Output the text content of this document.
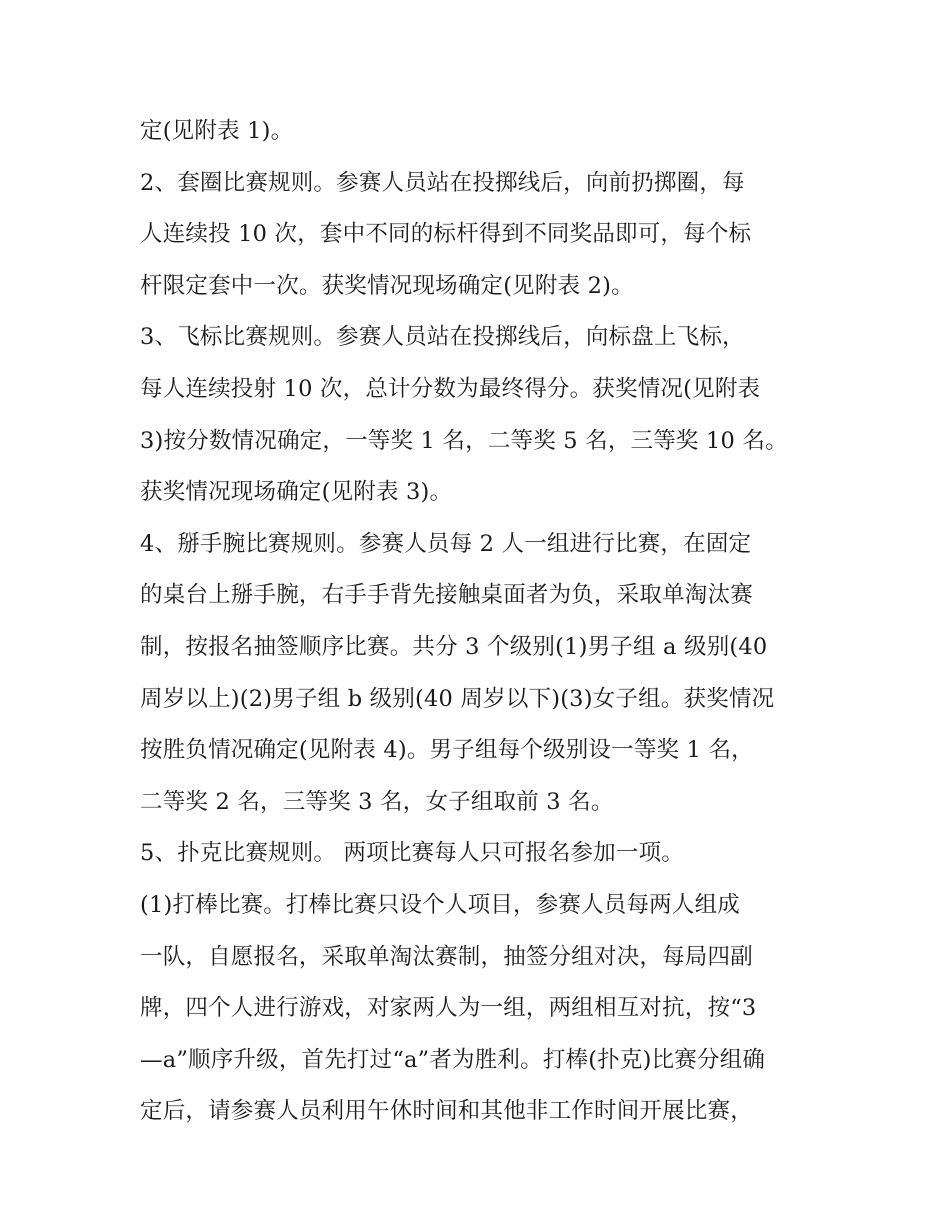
定(见附表 1)。
2、套圈比赛规则。参赛人员站在投掷线后，向前扔掷圈，每
人连续投 10 次，套中不同的标杆得到不同奖品即可，每个标
杆限定套中一次。获奖情况现场确定(见附表 2)。
3、飞标比赛规则。参赛人员站在投掷线后，向标盘上飞标，
每人连续投射 10 次，总计分数为最终得分。获奖情况(见附表
3)按分数情况确定，一等奖 1 名，二等奖 5 名，三等奖 10 名。
获奖情况现场确定(见附表 3)。
4、掰手腕比赛规则。参赛人员每 2 人一组进行比赛，在固定
的桌台上掰手腕，右手手背先接触桌面者为负，采取单淘汰赛
制，按报名抽签顺序比赛。共分 3 个级别(1)男子组 a 级别(40
周岁以上)(2)男子组 b 级别(40 周岁以下)(3)女子组。获奖情况
按胜负情况确定(见附表 4)。男子组每个级别设一等奖 1 名，
二等奖 2 名，三等奖 3 名，女子组取前 3 名。
5、扑克比赛规则。 两项比赛每人只可报名参加一项。
(1)打棒比赛。打棒比赛只设个人项目，参赛人员每两人组成
一队，自愿报名，采取单淘汰赛制，抽签分组对决，每局四副
牌，四个人进行游戏，对家两人为一组，两组相互对抗，按“3
—a”顺序升级，首先打过“a”者为胜利。打棒(扑克)比赛分组确
定后，请参赛人员利用午休时间和其他非工作时间开展比赛，
